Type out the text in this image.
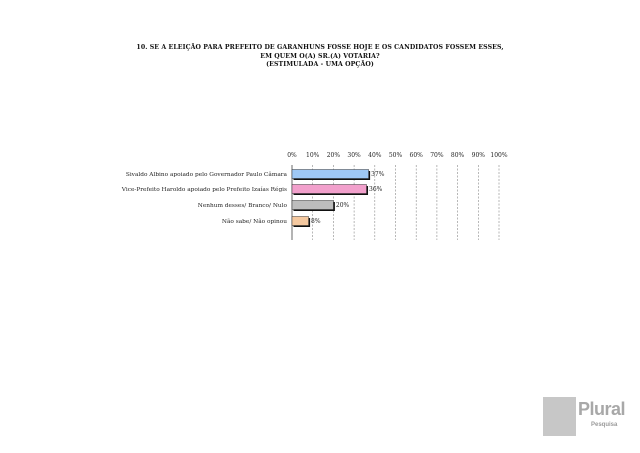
10. SE A ELEIÇÃO PARA PREFEITO DE GARANHUNS FOSSE HOJE E OS CANDIDATOS FOSSEM ESSES,
EM QUEM O(A) SR.(A) VOTARIA?
(ESTIMULADA - UMA OPÇÃO)
0% 10% 20% 30% 40% 50% 60% 70% 80% 90% 100%
37%
Sivaldo Albino apoiado pelo Governador Paulo Câmara
36%
Vice-Prefeito Haroldo apoiado pelo Prefeito Izaías Régis
20%
Nenhum desses/ Branco/ Nulo
8%
Não sabe/ Não opinou
Plural
Pesquisa
